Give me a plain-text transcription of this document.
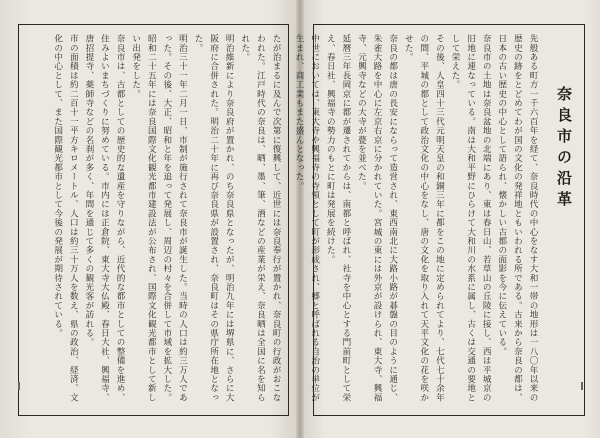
先般ある町方一千六百年を経て、奈良時代の中心をなす大和一帯の地形は一八〇年以来の歴史の跡をとどめてわが国の文化の発祥地ともいわれる所である。古来から奈良の都は、日本の古い歴史の中心として語られ、懐かしい古都の面影を今に伝えている。
奈良市の土地は奈良盆地の北端にあり、東は春日山、若草山の丘陵に接し、西は平城京の旧地に連なっている。南は大和平野にひらけて大和川の水系に属し、古くは交通の要地として栄えた。
その後、人皇四十三代元明天皇の和銅三年に都をこの地に定められてより、七代七十余年の間、平城の都として政治文化の中心をなし、唐の文化を取り入れて天平文化の花を咲かせた。
奈良の都は唐の長安にならって造営され、東西南北に大路小路が碁盤の目のように通じ、朱雀大路を中心に左京右京に分かれていた。宮城の東には外京が設けられ、東大寺、興福寺、元興寺などの大寺が甍を並べた。
延暦三年長岡京に都が遷されてからは、南都と呼ばれ、社寺を中心とする門前町として栄え、春日社、興福寺の勢力のもとに町は発展を続けた。
中世においては、東大寺や興福寺の寺領として町が形成され、郷と呼ばれる自治の単位が生まれ、商工業もまた盛んとなった。	奈良市の沿革
たが治まるに及んで次第に復興して、近世には奈良奉行が置かれ、奈良町の行政がおこなわれた。江戸時代の奈良は、晒、墨、筆、酒などの産業が栄え、奈良晒は全国に名を知られた。
明治維新により奈良府が置かれ、のち奈良県となったが、明治九年には堺県に、さらに大阪府に合併された。明治二十年に再び奈良県が設置され、奈良町はその県庁所在地となった。
明治三十一年二月一日、市制が施行されて奈良市が誕生した。当時の人口は約三万人であった。その後、大正、昭和と年を追って発展し、周辺の村々を合併して市域を拡大した。
昭和二十五年には奈良国際文化観光都市建設法が公布され、国際文化観光都市として新しい出発をした。
奈良市は、古都としての歴史的な遺産を守りながら、近代的な都市としての整備を進め、住みよいまちづくりに努めている。市内には正倉院、東大寺大仏殿、春日大社、興福寺、唐招提寺、薬師寺などの名刹が多く、年間を通じて多くの観光客が訪れる。
市の面積は約二百十一平方キロメートル、人口は約三十万人を数え、県の政治、経済、文化の中心として、また国際観光都市として今後の発展が期待されている。
